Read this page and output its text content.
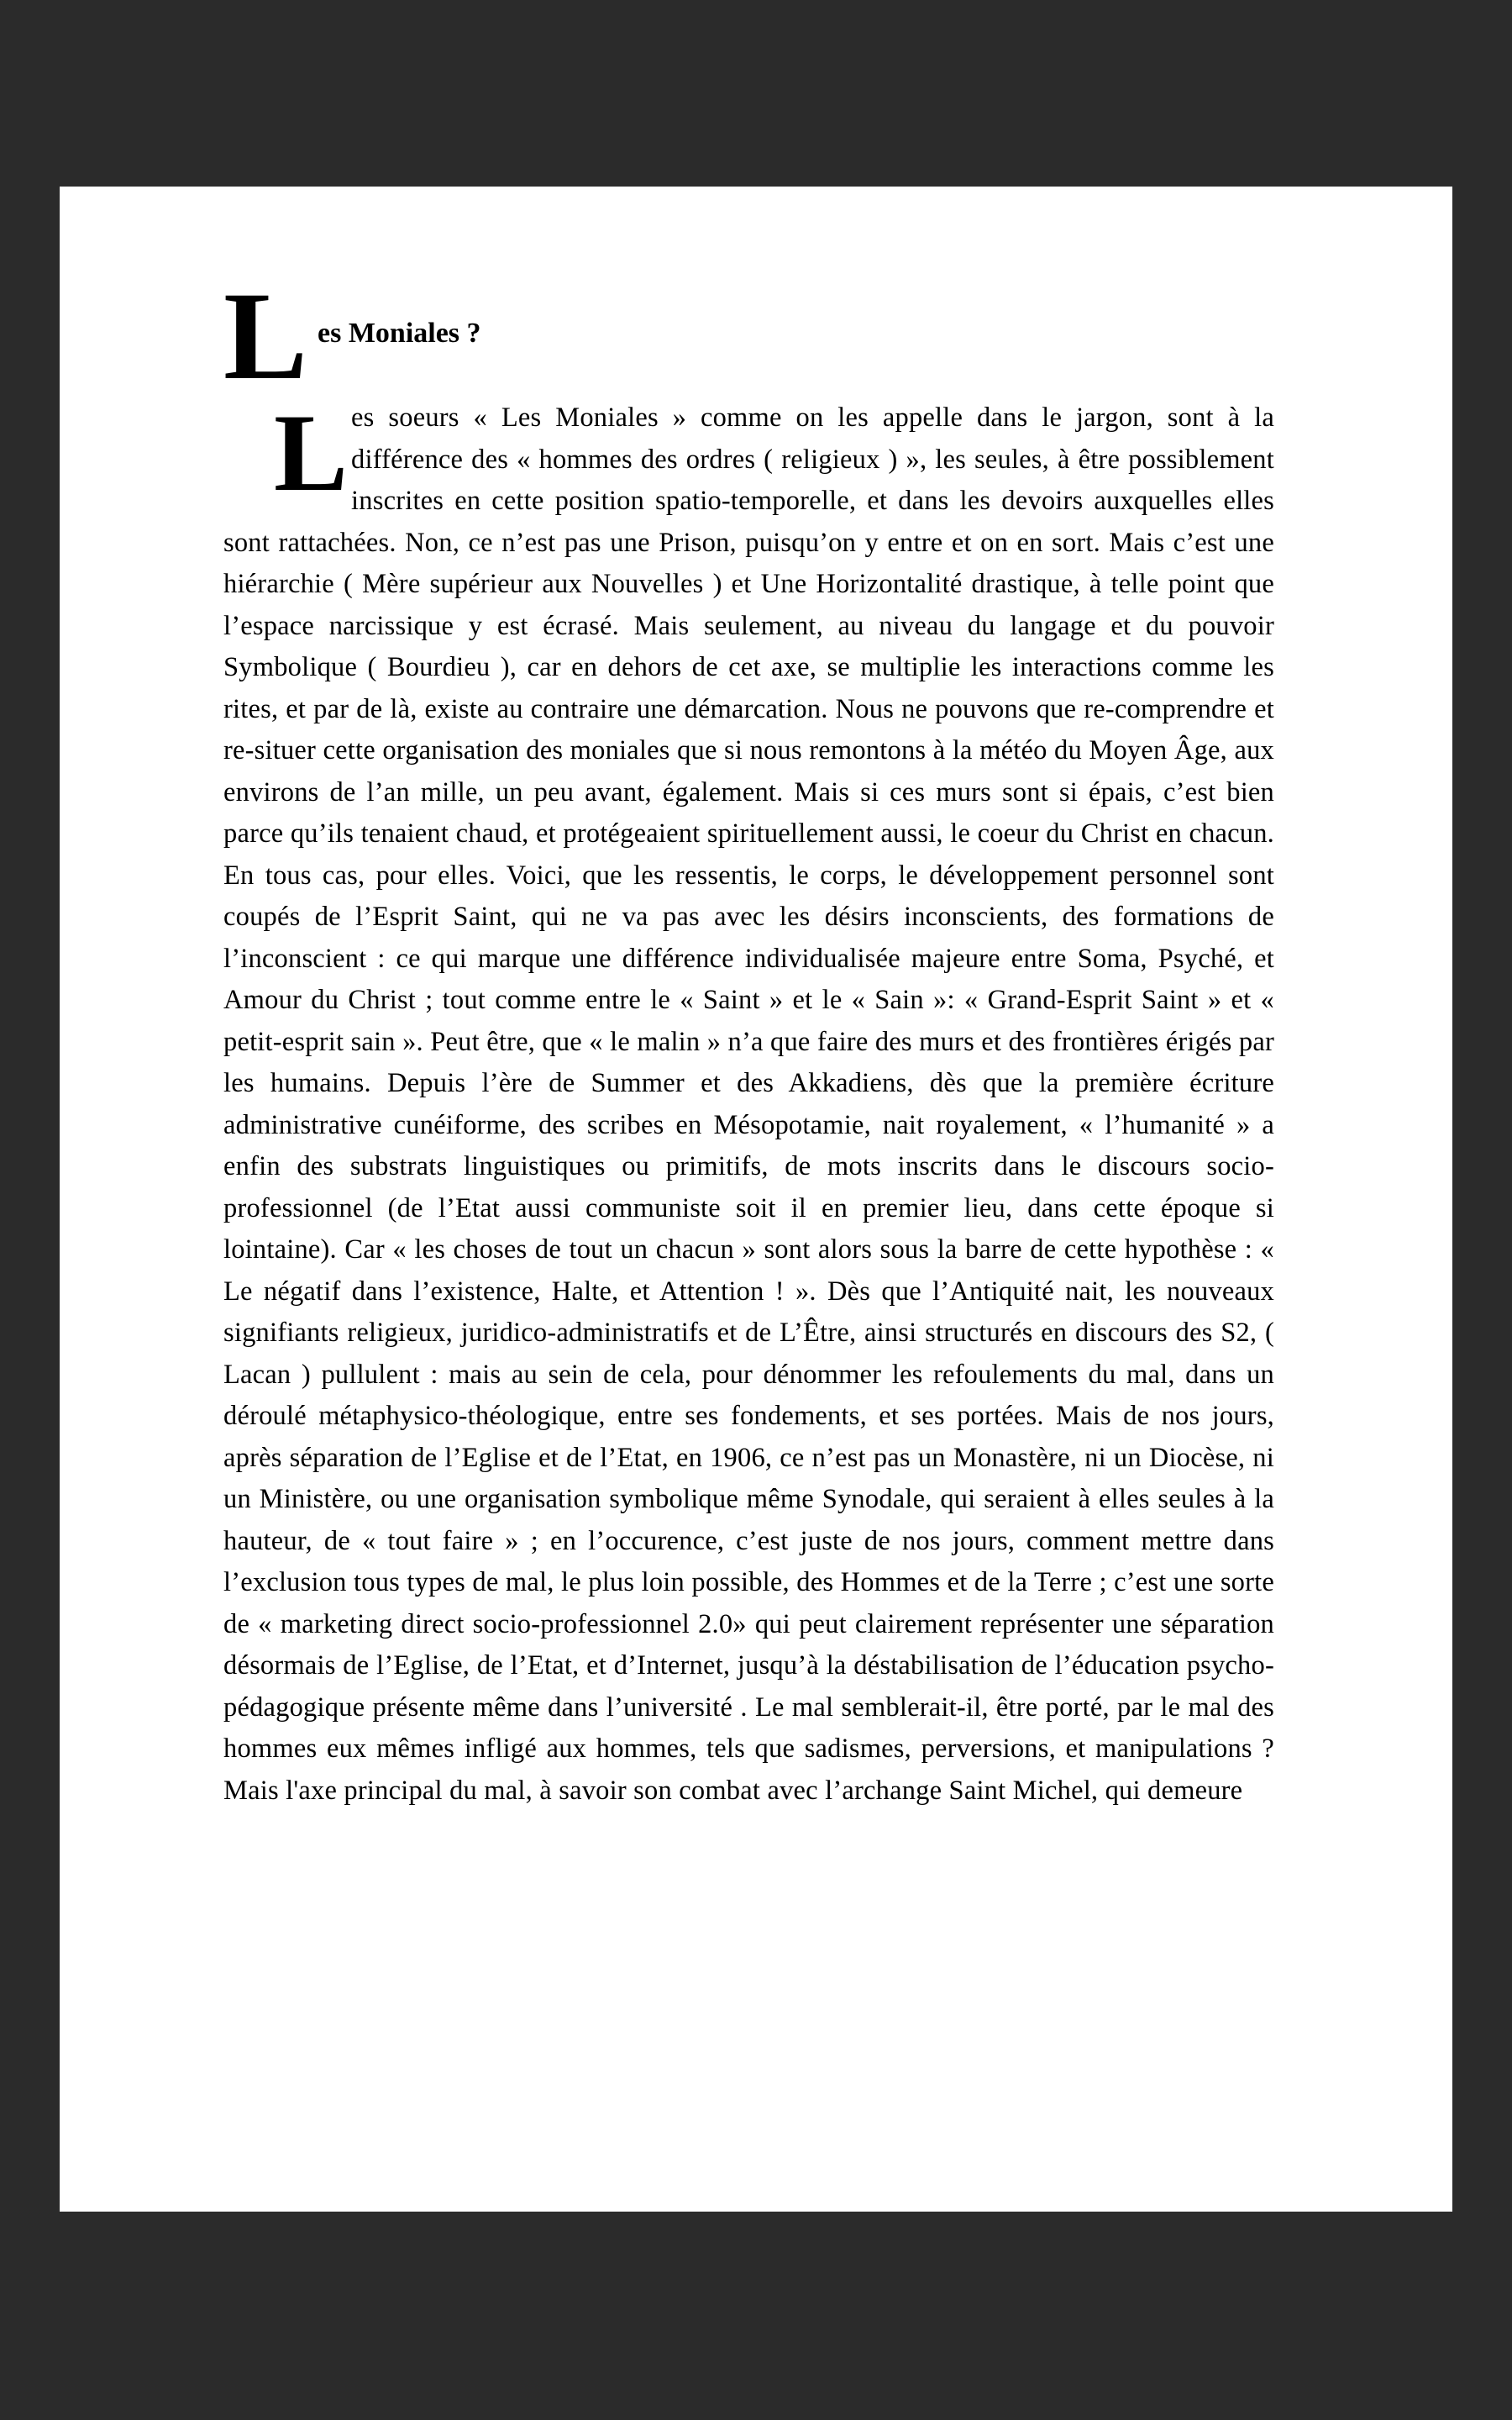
L es Moniales ?

Les soeurs « Les Moniales » comme on les appelle dans le jargon, sont à la différence des « hommes des ordres ( religieux ) », les seules, à être possiblement inscrites en cette position spatio-temporelle, et dans les devoirs auxquelles elles sont rattachées. Non, ce n’est pas une Prison, puisqu’on y entre et on en sort. Mais c’est une hiérarchie ( Mère supérieur aux Nouvelles ) et Une Horizontalité drastique, à telle point que l’espace narcissique y est écrasé. Mais seulement, au niveau du langage et du pouvoir Symbolique ( Bourdieu ), car en dehors de cet axe, se multiplie les interactions comme les rites, et par de là, existe au contraire une démarcation. Nous ne pouvons que re-comprendre et re-situer cette organisation des moniales que si nous remontons à la météo du Moyen Âge, aux environs de l’an mille, un peu avant, également. Mais si ces murs sont si épais, c’est bien parce qu’ils tenaient chaud, et protégeaient spirituellement aussi, le coeur du Christ en chacun. En tous cas, pour elles. Voici, que les ressentis, le corps, le développement personnel sont coupés de l’Esprit Saint, qui ne va pas avec les désirs inconscients, des formations de l’inconscient : ce qui marque une différence individualisée majeure entre Soma, Psyché, et Amour du Christ ; tout comme entre le « Saint » et le « Sain »: « Grand-Esprit Saint » et « petit-esprit sain ». Peut être, que « le malin » n’a que faire des murs et des frontières érigés par les humains. Depuis l’ère de Summer et des Akkadiens, dès que la première écriture administrative cunéiforme, des scribes en Mésopotamie, nait royalement, « l’humanité » a enfin des substrats linguistiques ou primitifs, de mots inscrits dans le discours socio-professionnel (de l’Etat aussi communiste soit il en premier lieu, dans cette époque si lointaine). Car « les choses de tout un chacun » sont alors sous la barre de cette hypothèse : « Le négatif dans l’existence, Halte, et Attention ! ». Dès que l’Antiquité nait, les nouveaux signifiants religieux, juridico-administratifs et de L’Être, ainsi structurés en discours des S2, ( Lacan ) pullulent : mais au sein de cela, pour dénommer les refoulements du mal, dans un déroulé métaphysico-théologique, entre ses fondements, et ses portées. Mais de nos jours, après séparation de l’Eglise et de l’Etat, en 1906, ce n’est pas un Monastère, ni un Diocèse, ni un Ministère, ou une organisation symbolique même Synodale, qui seraient à elles seules à la hauteur, de « tout faire » ; en l’occurence, c’est juste de nos jours, comment mettre dans l’exclusion tous types de mal, le plus loin possible, des Hommes et de la Terre ; c’est une sorte de « marketing direct socio-professionnel 2.0» qui peut clairement représenter une séparation désormais de l’Eglise, de l’Etat, et d’Internet, jusqu’à la déstabilisation de l’éducation psycho-pédagogique présente même dans l’université . Le mal semblerait-il, être porté, par le mal des hommes eux mêmes infligé aux hommes, tels que sadismes, perversions, et manipulations ? Mais l'axe principal du mal, à savoir son combat avec l’archange Saint Michel, qui demeure
